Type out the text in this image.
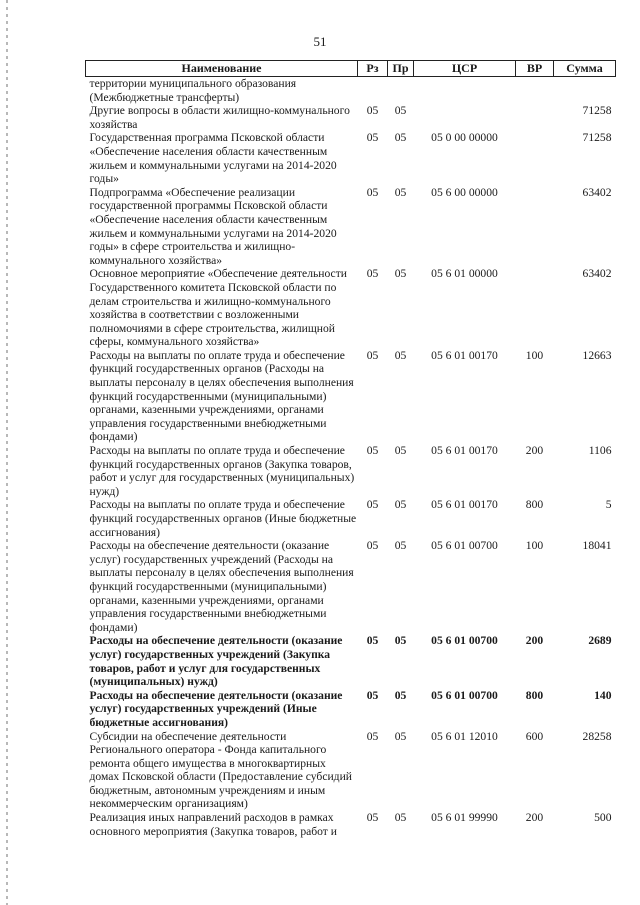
51
Наименование	Рз	Пр	ЦСР	ВР	Сумма
территории муниципального образования (Межбюджетные трансферты)					
Другие вопросы в области жилищно-коммунального хозяйства	05	05			71258
Государственная программа Псковской области «Обеспечение населения области качественным жильем и коммунальными услугами на 2014-2020 годы»	05	05	05 0 00 00000		71258
Подпрограмма «Обеспечение реализации государственной программы Псковской области «Обеспечение населения области качественным жильем и коммунальными услугами на 2014-2020 годы» в сфере строительства и жилищно-коммунального хозяйства»	05	05	05 6 00 00000		63402
Основное мероприятие «Обеспечение деятельности Государственного комитета Псковской области по делам строительства и жилищно-коммунального хозяйства в соответствии с возложенными полномочиями в сфере строительства, жилищной сферы, коммунального хозяйства»	05	05	05 6 01 00000		63402
Расходы на выплаты по оплате труда и обеспечение функций государственных органов (Расходы на выплаты персоналу в целях обеспечения выполнения функций государственными (муниципальными) органами, казенными учреждениями, органами управления государственными внебюджетными фондами)	05	05	05 6 01 00170	100	12663
Расходы на выплаты по оплате труда и обеспечение функций государственных органов (Закупка товаров, работ и услуг для государственных (муниципальных) нужд)	05	05	05 6 01 00170	200	1106
Расходы на выплаты по оплате труда и обеспечение функций государственных органов (Иные бюджетные ассигнования)	05	05	05 6 01 00170	800	5
Расходы на обеспечение деятельности (оказание услуг) государственных учреждений (Расходы на выплаты персоналу в целях обеспечения выполнения функций государственными (муниципальными) органами, казенными учреждениями, органами управления государственными внебюджетными фондами)	05	05	05 6 01 00700	100	18041
Расходы на обеспечение деятельности (оказание услуг) государственных учреждений (Закупка товаров, работ и услуг для государственных (муниципальных) нужд)	05	05	05 6 01 00700	200	2689
Расходы на обеспечение деятельности (оказание услуг) государственных учреждений (Иные бюджетные ассигнования)	05	05	05 6 01 00700	800	140
Субсидии на обеспечение деятельности Регионального оператора - Фонда капитального ремонта общего имущества в многоквартирных домах Псковской области (Предоставление субсидий бюджетным, автономным учреждениям и иным некоммерческим организациям)	05	05	05 6 01 12010	600	28258
Реализация иных направлений расходов в рамках основного мероприятия (Закупка товаров, работ и	05	05	05 6 01 99990	200	500
